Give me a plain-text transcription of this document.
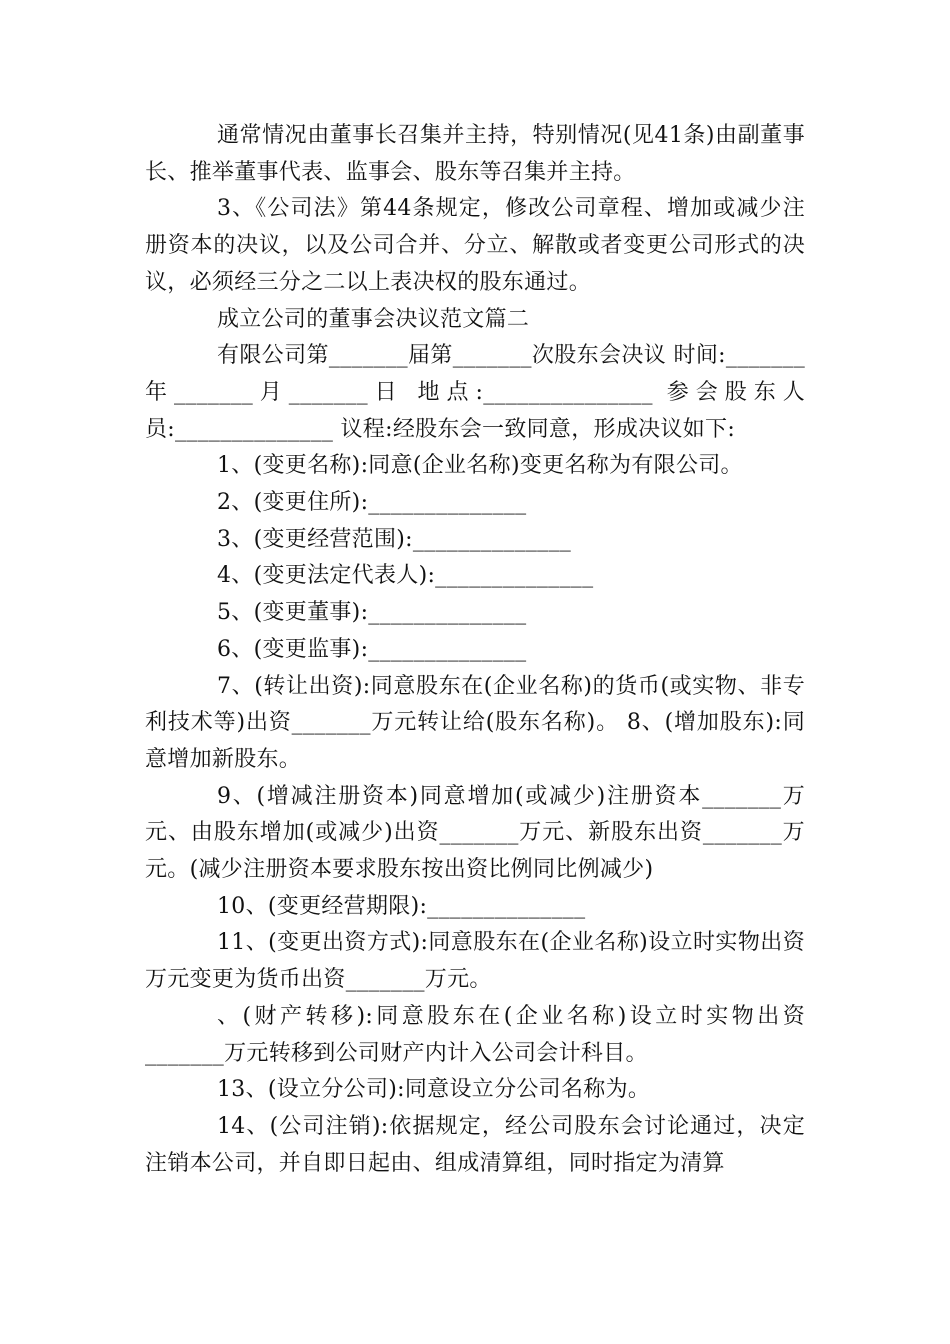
通常情况由董事长召集并主持，特别情况(见41条)由副董事长、推举董事代表、监事会、股东等召集并主持。

3、《公司法》第44条规定，修改公司章程、增加或减少注册资本的决议，以及公司合并、分立、解散或者变更公司形式的决议，必须经三分之二以上表决权的股东通过。

成立公司的董事会决议范文篇二

有限公司第_______届第_______次股东会决议 时间:_______年_______月_______日 地点:_______________ 参会股东人员:______________ 议程:经股东会一致同意，形成决议如下:

1、(变更名称):同意(企业名称)变更名称为有限公司。

2、(变更住所):______________

3、(变更经营范围):______________

4、(变更法定代表人):______________

5、(变更董事):______________

6、(变更监事):______________

7、(转让出资):同意股东在(企业名称)的货币(或实物、非专利技术等)出资_______万元转让给(股东名称)。 8、(增加股东):同意增加新股东。

9、(增减注册资本)同意增加(或减少)注册资本_______万元、由股东增加(或减少)出资_______万元、新股东出资_______万元。(减少注册资本要求股东按出资比例同比例减少)

10、(变更经营期限):______________

11、(变更出资方式):同意股东在(企业名称)设立时实物出资万元变更为货币出资_______万元。

、(财产转移):同意股东在(企业名称)设立时实物出资_______万元转移到公司财产内计入公司会计科目。

13、(设立分公司):同意设立分公司名称为。

14、(公司注销):依据规定，经公司股东会讨论通过，决定注销本公司，并自即日起由、组成清算组，同时指定为清算
